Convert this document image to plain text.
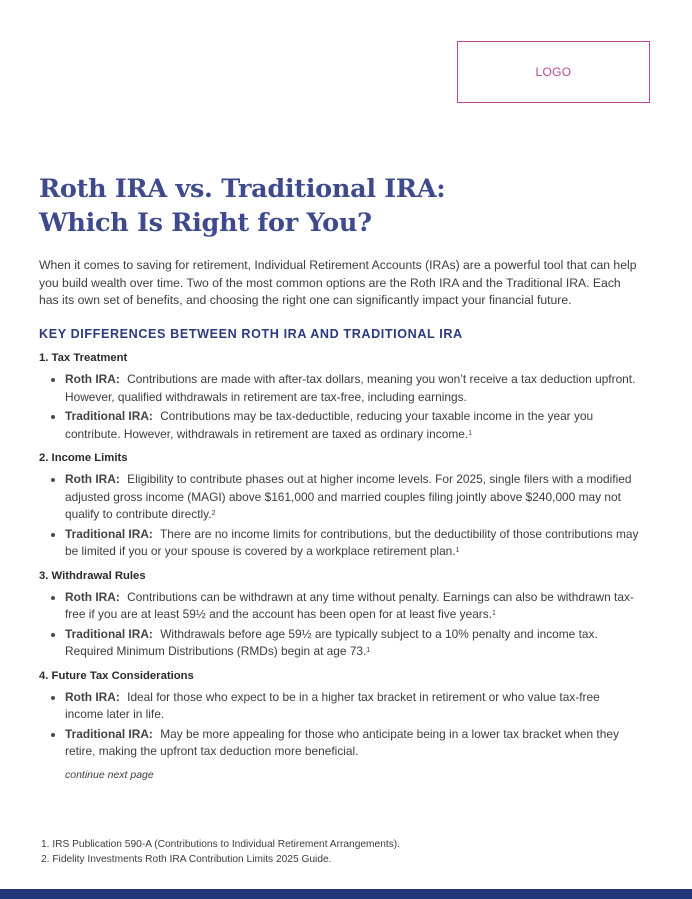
LOGO
Roth IRA vs. Traditional IRA:
Which Is Right for You?

When it comes to saving for retirement, Individual Retirement Accounts (IRAs) are a powerful tool that can help you build wealth over time. Two of the most common options are the Roth IRA and the Traditional IRA. Each has its own set of benefits, and choosing the right one can significantly impact your financial future.

KEY DIFFERENCES BETWEEN ROTH IRA AND TRADITIONAL IRA
1. Tax Treatment
Roth IRA: Contributions are made with after-tax dollars, meaning you won’t receive a tax deduction upfront. However, qualified withdrawals in retirement are tax-free, including earnings.
Traditional IRA: Contributions may be tax-deductible, reducing your taxable income in the year you contribute. However, withdrawals in retirement are taxed as ordinary income.$^1$
2. Income Limits
Roth IRA: Eligibility to contribute phases out at higher income levels. For 2025, single filers with a modified adjusted gross income (MAGI) above $161,000 and married couples filing jointly above $240,000 may not qualify to contribute directly.$^2$
Traditional IRA: There are no income limits for contributions, but the deductibility of those contributions may be limited if you or your spouse is covered by a workplace retirement plan.$^1$
3. Withdrawal Rules
Roth IRA: Contributions can be withdrawn at any time without penalty. Earnings can also be withdrawn tax-free if you are at least 59½ and the account has been open for at least five years.$^1$
Traditional IRA: Withdrawals before age 59½ are typically subject to a 10% penalty and income tax. Required Minimum Distributions (RMDs) begin at age 73.$^1$
4. Future Tax Considerations
Roth IRA: Ideal for those who expect to be in a higher tax bracket in retirement or who value tax-free income later in life.
Traditional IRA: May be more appealing for those who anticipate being in a lower tax bracket when they retire, making the upfront tax deduction more beneficial.
continue next page
1. IRS Publication 590-A (Contributions to Individual Retirement Arrangements).
2. Fidelity Investments Roth IRA Contribution Limits 2025 Guide.
